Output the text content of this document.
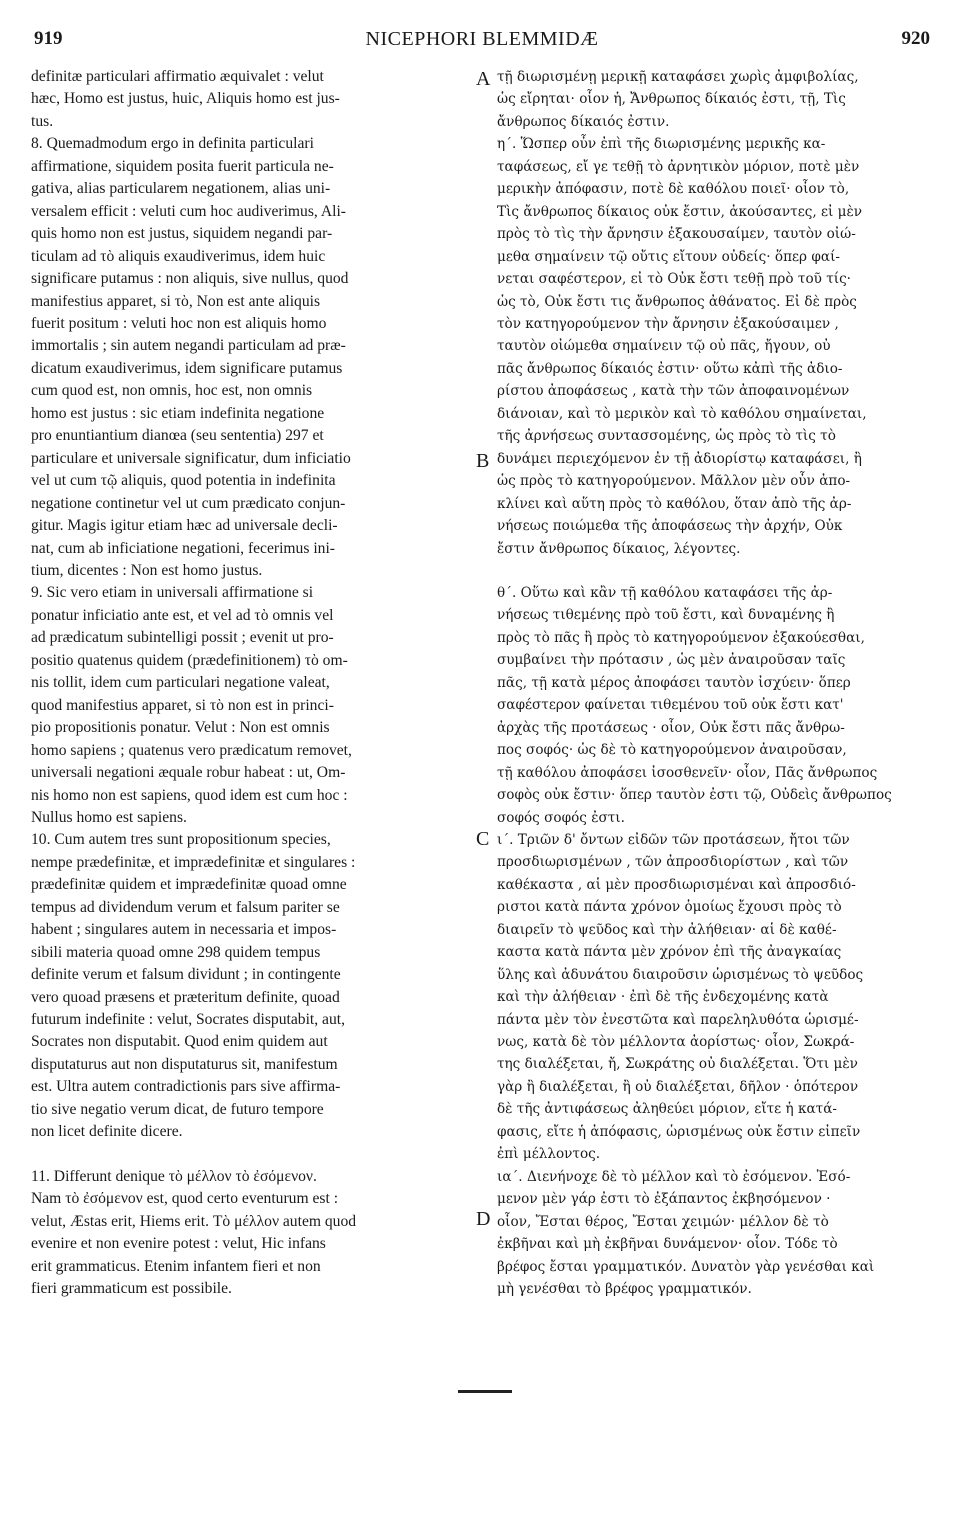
919	NICEPHORI BLEMMIDÆ	920
definitæ particulari affirmatio æquivalet : velut
hæc, Homo est justus, huic, Aliquis homo est jus-
tus.
8. Quemadmodum ergo in definita particulari
affirmatione, siquidem posita fuerit particula ne-
gativa, alias particularem negationem, alias uni-
versalem efficit : veluti cum hoc audiverimus, Ali-
quis homo non est justus, siquidem negandi par-
ticulam ad τὸ aliquis exaudiverimus, idem huic
significare putamus : non aliquis, sive nullus, quod
manifestius apparet, si τὸ, Non est ante aliquis
fuerit positum : veluti hoc non est aliquis homo
immortalis ; sin autem negandi particulam ad præ-
dicatum exaudiverimus, idem significare putamus
cum quod est, non omnis, hoc est, non omnis
homo est justus : sic etiam indefinita negatione
pro enuntiantium dianœa (seu sententia) 297 et
particulare et universale significatur, dum inficiatio
vel ut cum τῷ aliquis, quod potentia in indefinita
negatione continetur vel ut cum prædicato conjun-
gitur. Magis igitur etiam hæc ad universale decli-
nat, cum ab inficiatione negationi, fecerimus ini-
tium, dicentes : Non est homo justus.
9. Sic vero etiam in universali affirmatione si
ponatur inficiatio ante est, et vel ad τὸ omnis vel
ad prædicatum subintelligi possit ; evenit ut pro-
positio quatenus quidem (prædefinitionem) τὸ om-
nis tollit, idem cum particulari negatione valeat,
quod manifestius apparet, si τὸ non est in princi-
pio propositionis ponatur. Velut : Non est omnis
homo sapiens ; quatenus vero prædicatum removet,
universali negationi æquale robur habeat : ut, Om-
nis homo non est sapiens, quod idem est cum hoc :
Nullus homo est sapiens.
10. Cum autem tres sunt propositionum species,
nempe prædefinitæ, et imprædefinitæ et singulares :
prædefinitæ quidem et imprædefinitæ quoad omne
tempus ad dividendum verum et falsum pariter se
habent ; singulares autem in necessaria et impos-
sibili materia quoad omne 298 quidem tempus
definite verum et falsum dividunt ; in contingente
vero quoad præsens et præteritum definite, quoad
futurum indefinite : velut, Socrates disputabit, aut,
Socrates non disputabit. Quod enim quidem aut
disputaturus aut non disputaturus sit, manifestum
est. Ultra autem contradictionis pars sive affirma-
tio sive negatio verum dicat, de futuro tempore
non licet definite dicere.
11. Differunt denique τὸ μέλλον τὸ ἐσόμενον.
Nam τὸ ἐσόμενον est, quod certo eventurum est :
velut, Æstas erit, Hiems erit. Τὸ μέλλον autem quod
evenire et non evenire potest : velut, Hic infans
erit grammaticus. Etenim infantem fieri et non
fieri grammaticum est possibile.
τῇ διωρισμένῃ μερικῇ καταφάσει χωρὶς ἀμφιβολίας,
ὡς εἴρηται· οἷον ἡ, Ἄνθρωπος δίκαιός ἐστι, τῇ, Τὶς
ἄνθρωπος δίκαιός ἐστιν.
η΄. Ὥσπερ οὖν ἐπὶ τῆς διωρισμένης μερικῆς κα-
ταφάσεως, εἴ γε τεθῇ τὸ ἀρνητικὸν μόριον, ποτὲ μὲν
μερικὴν ἀπόφασιν, ποτὲ δὲ καθόλου ποιεῖ· οἷον τὸ,
Τὶς ἄνθρωπος δίκαιος οὐκ ἔστιν, ἀκούσαντες, εἰ μὲν
πρὸς τὸ τὶς τὴν ἄρνησιν ἐξακουσαίμεν, ταυτὸν οἰώ-
μεθα σημαίνειν τῷ οὔτις εἴτουν οὐδείς· ὅπερ φαί-
νεται σαφέστερον, εἰ τὸ Οὐκ ἔστι τεθῇ πρὸ τοῦ τίς·
ὡς τὸ, Οὐκ ἔστι τις ἄνθρωπος ἀθάνατος. Εἰ δὲ πρὸς
τὸν κατηγορούμενον τὴν ἄρνησιν ἐξακούσαιμεν ,
ταυτὸν οἰώμεθα σημαίνειν τῷ οὐ πᾶς, ἤγουν, οὐ
πᾶς ἄνθρωπος δίκαιός ἐστιν· οὕτω κἀπὶ τῆς ἀδιο-
ρίστου ἀποφάσεως , κατὰ τὴν τῶν ἀποφαινομένων
διάνοιαν, καὶ τὸ μερικὸν καὶ τὸ καθόλου σημαίνεται,
τῆς ἀρνήσεως συντασσομένης, ὡς πρὸς τὸ τὶς τὸ
δυνάμει περιεχόμενον ἐν τῇ ἀδιορίστῳ καταφάσει, ἢ
ὡς πρὸς τὸ κατηγορούμενον. Μᾶλλον μὲν οὖν ἀπο-
κλίνει καὶ αὕτη πρὸς τὸ καθόλου, ὅταν ἀπὸ τῆς ἀρ-
νήσεως ποιώμεθα τῆς ἀποφάσεως τὴν ἀρχήν, Οὐκ
ἔστιν ἄνθρωπος δίκαιος, λέγοντες.
θ΄. Οὕτω καὶ κἂν τῇ καθόλου καταφάσει τῆς ἀρ-
νήσεως τιθεμένης πρὸ τοῦ ἔστι, καὶ δυναμένης ἢ
πρὸς τὸ πᾶς ἢ πρὸς τὸ κατηγορούμενον ἐξακούεσθαι,
συμβαίνει τὴν πρότασιν , ὡς μὲν ἀναιροῦσαν ταῖς
πᾶς, τῇ κατὰ μέρος ἀποφάσει ταυτὸν ἰσχύειν· ὅπερ
σαφέστερον φαίνεται τιθεμένου τοῦ οὐκ ἔστι κατ'
ἀρχὰς τῆς προτάσεως · οἷον, Οὐκ ἔστι πᾶς ἄνθρω-
πος σοφός· ὡς δὲ τὸ κατηγορούμενον ἀναιροῦσαν,
τῇ καθόλου ἀποφάσει ἰσοσθενεῖν· οἷον, Πᾶς ἄνθρωπος
σοφὸς οὐκ ἔστιν· ὅπερ ταυτὸν ἐστι τῷ, Οὐδεὶς ἄνθρωπος
σοφός σοφός ἐστι.
ι΄. Τριῶν δ' ὄντων εἰδῶν τῶν προτάσεων, ἤτοι τῶν
προσδιωρισμένων , τῶν ἀπροσδιορίστων , καὶ τῶν
καθέκαστα , αἱ μὲν προσδιωρισμέναι καὶ ἀπροσδιό-
ριστοι κατὰ πάντα χρόνον ὁμοίως ἔχουσι πρὸς τὸ
διαιρεῖν τὸ ψεῦδος καὶ τὴν ἀλήθειαν· αἱ δὲ καθέ-
καστα κατὰ πάντα μὲν χρόνον ἐπὶ τῆς ἀναγκαίας
ὕλης καὶ ἀδυνάτου διαιροῦσιν ὡρισμένως τὸ ψεῦδος
καὶ τὴν ἀλήθειαν · ἐπὶ δὲ τῆς ἐνδεχομένης κατὰ
πάντα μὲν τὸν ἐνεστῶτα καὶ παρεληλυθότα ὡρισμέ-
νως, κατὰ δὲ τὸν μέλλοντα ἀορίστως· οἷον, Σωκρά-
της διαλέξεται, ἤ, Σωκράτης οὐ διαλέξεται. Ὅτι μὲν
γὰρ ἢ διαλέξεται, ἢ οὐ διαλέξεται, δῆλον · ὁπότερον
δὲ τῆς ἀντιφάσεως ἀληθεύει μόριον, εἴτε ἡ κατά-
φασις, εἴτε ἡ ἀπόφασις, ὡρισμένως οὐκ ἔστιν εἰπεῖν
ἐπὶ μέλλοντος.
ια΄. Διενήνοχε δὲ τὸ μέλλον καὶ τὸ ἐσόμενον. Ἐσό-
μενον μὲν γάρ ἐστι τὸ ἐξάπαντος ἐκβησόμενον ·
οἷον, Ἔσται θέρος, Ἔσται χειμών· μέλλον δὲ τὸ
ἐκβῆναι καὶ μὴ ἐκβῆναι δυνάμενον· οἷον. Τόδε τὸ
βρέφος ἔσται γραμματικόν. Δυνατὸν γὰρ γενέσθαι καὶ
μὴ γενέσθαι τὸ βρέφος γραμματικόν.
A
B
C
D
